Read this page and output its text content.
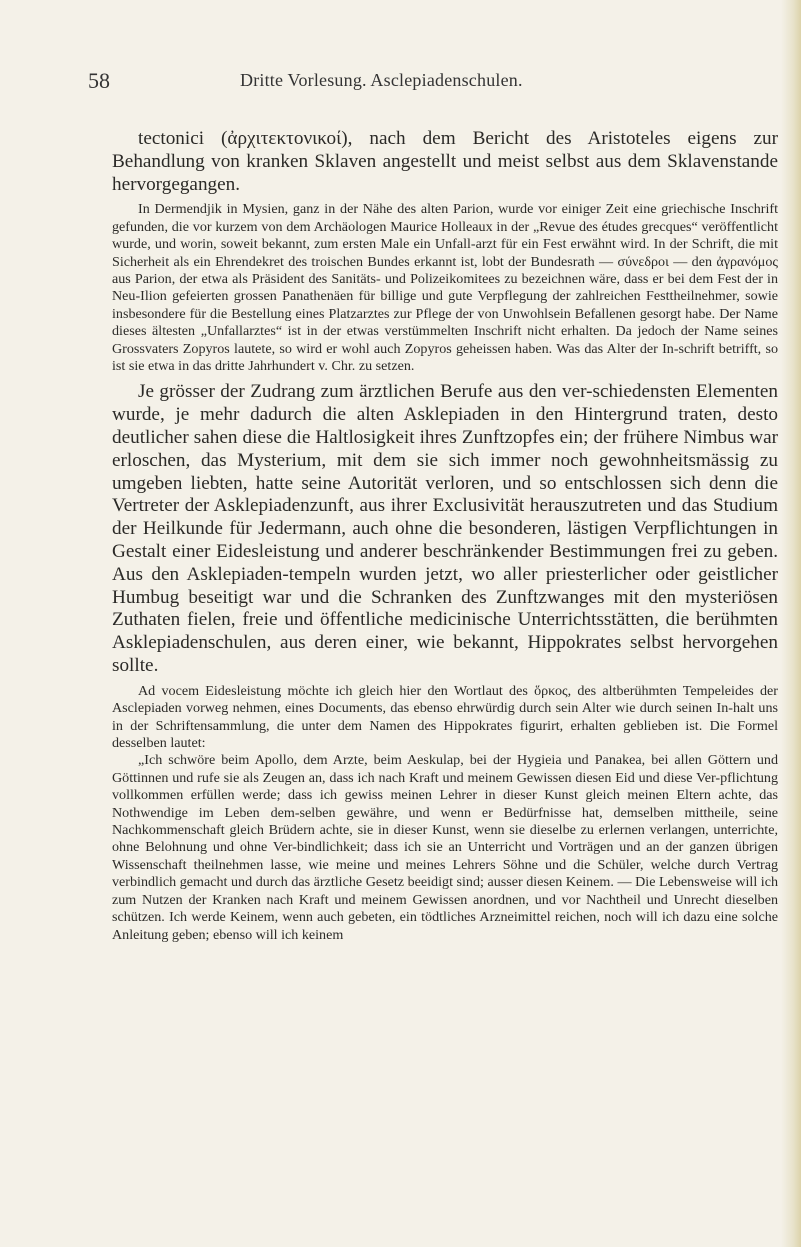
58	Dritte Vorlesung. Asclepiadenschulen.

tectonici (ἀρχιτεκτονικοί), nach dem Bericht des Aristoteles eigens zur Behandlung von kranken Sklaven angestellt und meist selbst aus dem Sklavenstande hervorgegangen.

In Dermendjik in Mysien, ganz in der Nähe des alten Parion, wurde vor einiger Zeit eine griechische Inschrift gefunden, die vor kurzem von dem Archäologen Maurice Holleaux in der „Revue des études grecques“ veröffentlicht wurde, und worin, soweit bekannt, zum ersten Male ein Unfall-arzt für ein Fest erwähnt wird. In der Schrift, die mit Sicherheit als ein Ehrendekret des troischen Bundes erkannt ist, lobt der Bundesrath — σύνεδροι — den ἀγρανόμος aus Parion, der etwa als Präsident des Sanitäts- und Polizeikomitees zu bezeichnen wäre, dass er bei dem Fest der in Neu-Ilion gefeierten grossen Panathenäen für billige und gute Verpflegung der zahlreichen Festtheilnehmer, sowie insbesondere für die Bestellung eines Platzarztes zur Pflege der von Unwohlsein Befallenen gesorgt habe. Der Name dieses ältesten „Unfallarztes“ ist in der etwas verstümmelten Inschrift nicht erhalten. Da jedoch der Name seines Grossvaters Zopyros lautete, so wird er wohl auch Zopyros geheissen haben. Was das Alter der In-schrift betrifft, so ist sie etwa in das dritte Jahrhundert v. Chr. zu setzen.

Je grösser der Zudrang zum ärztlichen Berufe aus den ver-schiedensten Elementen wurde, je mehr dadurch die alten Asklepiaden in den Hintergrund traten, desto deutlicher sahen diese die Haltlosigkeit ihres Zunftzopfes ein; der frühere Nimbus war erloschen, das Mysterium, mit dem sie sich immer noch gewohnheitsmässig zu umgeben liebten, hatte seine Autorität verloren, und so entschlossen sich denn die Vertreter der Asklepiadenzunft, aus ihrer Exclusivität herauszutreten und das Studium der Heilkunde für Jedermann, auch ohne die besonderen, lästigen Verpflichtungen in Gestalt einer Eidesleistung und anderer beschränkender Bestimmungen frei zu geben. Aus den Asklepiaden-tempeln wurden jetzt, wo aller priesterlicher oder geistlicher Humbug beseitigt war und die Schranken des Zunftzwanges mit den mysteriösen Zuthaten fielen, freie und öffentliche medicinische Unterrichtsstätten, die berühmten Asklepiadenschulen, aus deren einer, wie bekannt, Hippokrates selbst hervorgehen sollte.

Ad vocem Eidesleistung möchte ich gleich hier den Wortlaut des ὅρκος, des altberühmten Tempeleides der Asclepiaden vorweg nehmen, eines Documents, das ebenso ehrwürdig durch sein Alter wie durch seinen In-halt uns in der Schriftensammlung, die unter dem Namen des Hippokrates figurirt, erhalten geblieben ist. Die Formel desselben lautet:

„Ich schwöre beim Apollo, dem Arzte, beim Aeskulap, bei der Hygieia und Panakea, bei allen Göttern und Göttinnen und rufe sie als Zeugen an, dass ich nach Kraft und meinem Gewissen diesen Eid und diese Ver-pflichtung vollkommen erfüllen werde; dass ich gewiss meinen Lehrer in dieser Kunst gleich meinen Eltern achte, das Nothwendige im Leben dem-selben gewähre, und wenn er Bedürfnisse hat, demselben mittheile, seine Nachkommenschaft gleich Brüdern achte, sie in dieser Kunst, wenn sie dieselbe zu erlernen verlangen, unterrichte, ohne Belohnung und ohne Ver-bindlichkeit; dass ich sie an Unterricht und Vorträgen und an der ganzen übrigen Wissenschaft theilnehmen lasse, wie meine und meines Lehrers Söhne und die Schüler, welche durch Vertrag verbindlich gemacht und durch das ärztliche Gesetz beeidigt sind; ausser diesen Keinem. — Die Lebensweise will ich zum Nutzen der Kranken nach Kraft und meinem Gewissen anordnen, und vor Nachtheil und Unrecht dieselben schützen. Ich werde Keinem, wenn auch gebeten, ein tödtliches Arzneimittel reichen, noch will ich dazu eine solche Anleitung geben; ebenso will ich keinem
